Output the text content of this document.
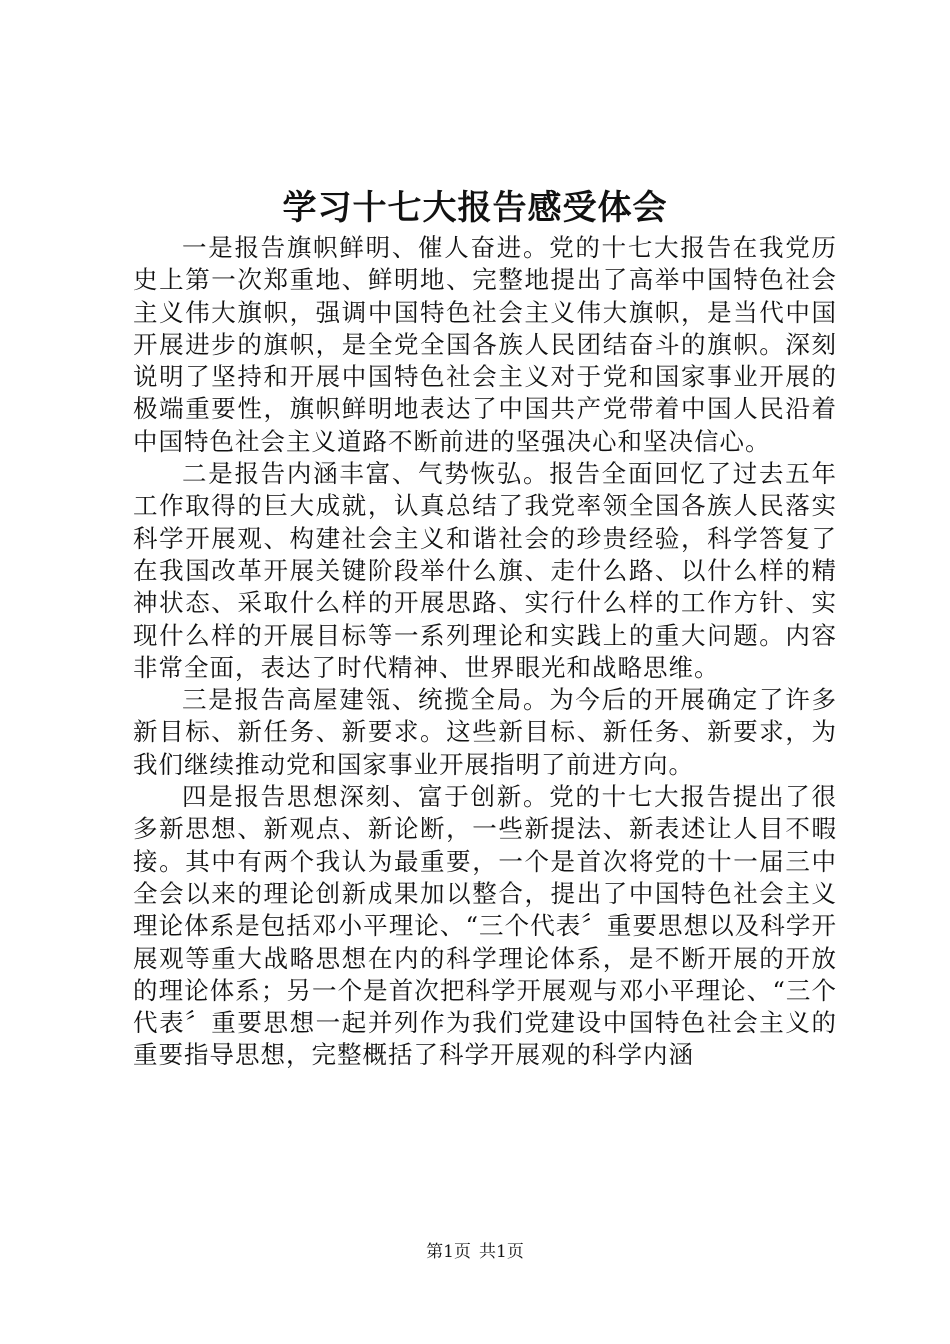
学习十七大报告感受体会

一是报告旗帜鲜明、催人奋进。党的十七大报告在我党历史上第一次郑重地、鲜明地、完整地提出了高举中国特色社会主义伟大旗帜，强调中国特色社会主义伟大旗帜，是当代中国开展进步的旗帜，是全党全国各族人民团结奋斗的旗帜。深刻说明了坚持和开展中国特色社会主义对于党和国家事业开展的极端重要性，旗帜鲜明地表达了中国共产党带着中国人民沿着中国特色社会主义道路不断前进的坚强决心和坚决信心。

二是报告内涵丰富、气势恢弘。报告全面回忆了过去五年工作取得的巨大成就，认真总结了我党率领全国各族人民落实科学开展观、构建社会主义和谐社会的珍贵经验，科学答复了在我国改革开展关键阶段举什么旗、走什么路、以什么样的精神状态、采取什么样的开展思路、实行什么样的工作方针、实现什么样的开展目标等一系列理论和实践上的重大问题。内容非常全面，表达了时代精神、世界眼光和战略思维。

三是报告高屋建瓴、统揽全局。为今后的开展确定了许多新目标、新任务、新要求。这些新目标、新任务、新要求，为我们继续推动党和国家事业开展指明了前进方向。

四是报告思想深刻、富于创新。党的十七大报告提出了很多新思想、新观点、新论断，一些新提法、新表述让人目不暇接。其中有两个我认为最重要，一个是首次将党的十一届三中全会以来的理论创新成果加以整合，提出了中国特色社会主义理论体系是包括邓小平理论、“三个代表〞重要思想以及科学开展观等重大战略思想在内的科学理论体系，是不断开展的开放的理论体系；另一个是首次把科学开展观与邓小平理论、“三个代表〞重要思想一起并列作为我们党建设中国特色社会主义的重要指导思想，完整概括了科学开展观的科学内涵

第1页 共1页
